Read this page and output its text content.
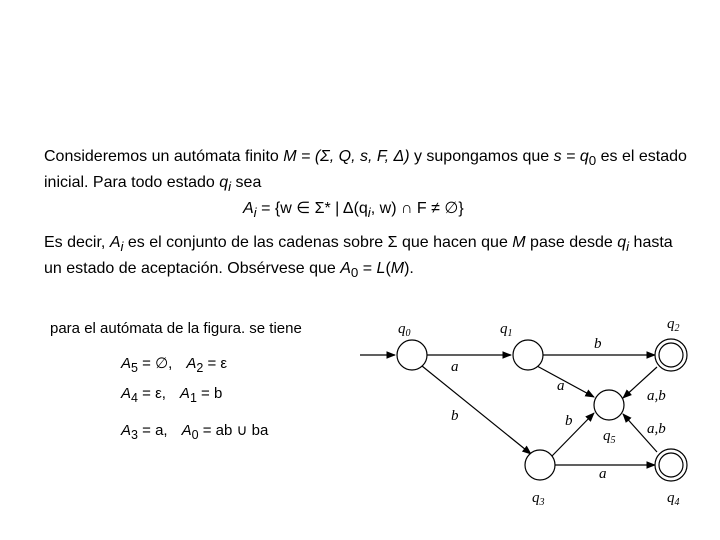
Consideremos un autómata finito M = (Σ, Q, s, F, Δ) y supongamos que $s = q_0$ es el estado inicial. Para todo estado $q_i$ sea

$A_i = \{w$ ∈ Σ* | $\Delta(q_i$, w) ∩ F ≠ ∅}

Es decir, $A_i$ es el conjunto de las cadenas sobre Σ que hacen que M pase desde $q_i$ hasta un estado de aceptación. Obsérvese que $A_0 = L(M)$.

para el autómata de la figura. se tiene
$A_5$ = ∅, $A_2 = \varepsilon$
$A_4 = \varepsilon$, $A_1 = b$
$A_3 = a$, $A_0$ = ab ∪ ba
$q_0$	$q_1$
$q_2$
$q_3$	$q_4$
$q_5$
a
b
b
a
b
a
a,b
a,b
